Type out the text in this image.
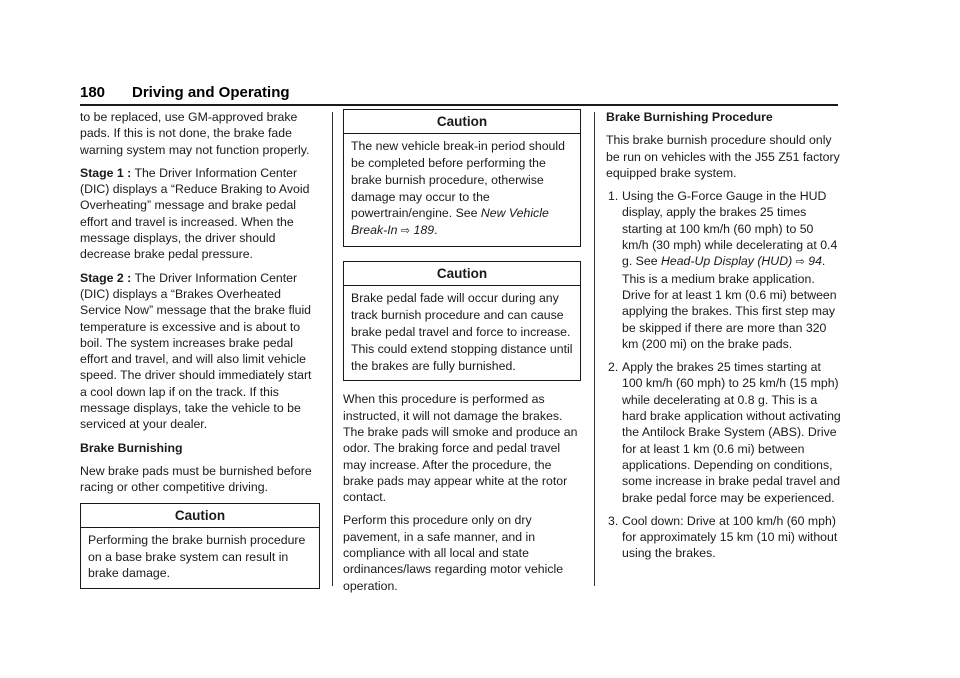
180 Driving and Operating

to be replaced, use GM-approved brake pads. If this is not done, the brake fade warning system may not function properly.

Stage 1 : The Driver Information Center (DIC) displays a “Reduce Braking to Avoid Overheating” message and brake pedal effort and travel is increased. When the message displays, the driver should decrease brake pedal pressure.

Stage 2 : The Driver Information Center (DIC) displays a “Brakes Overheated Service Now” message that the brake fluid temperature is excessive and is about to boil. The system increases brake pedal effort and travel, and will also limit vehicle speed. The driver should immediately start a cool down lap if on the track. If this message displays, take the vehicle to be serviced at your dealer.

Brake Burnishing

New brake pads must be burnished before racing or other competitive driving.

Caution
Performing the brake burnish procedure on a base brake system can result in brake damage.
Caution
The new vehicle break-in period should be completed before performing the brake burnish procedure, otherwise damage may occur to the powertrain/engine. See New Vehicle Break-In ⇨ 189.
Caution
Brake pedal fade will occur during any track burnish procedure and can cause brake pedal travel and force to increase. This could extend stopping distance until the brakes are fully burnished.

When this procedure is performed as instructed, it will not damage the brakes. The brake pads will smoke and produce an odor. The braking force and pedal travel may increase. After the procedure, the brake pads may appear white at the rotor contact.

Perform this procedure only on dry pavement, in a safe manner, and in compliance with all local and state ordinances/laws regarding motor vehicle operation.

Brake Burnishing Procedure

This brake burnish procedure should only be run on vehicles with the J55 Z51 factory equipped brake system.

1. Using the G-Force Gauge in the HUD display, apply the brakes 25 times starting at 100 km/h (60 mph) to 50 km/h (30 mph) while decelerating at 0.4 g. See Head-Up Display (HUD) ⇨ 94. This is a medium brake application. Drive for at least 1 km (0.6 mi) between applying the brakes. This first step may be skipped if there are more than 320 km (200 mi) on the brake pads.
2. Apply the brakes 25 times starting at 100 km/h (60 mph) to 25 km/h (15 mph) while decelerating at 0.8 g. This is a hard brake application without activating the Antilock Brake System (ABS). Drive for at least 1 km (0.6 mi) between applications. Depending on conditions, some increase in brake pedal travel and brake pedal force may be experienced.
3. Cool down: Drive at 100 km/h (60 mph) for approximately 15 km (10 mi) without using the brakes.
